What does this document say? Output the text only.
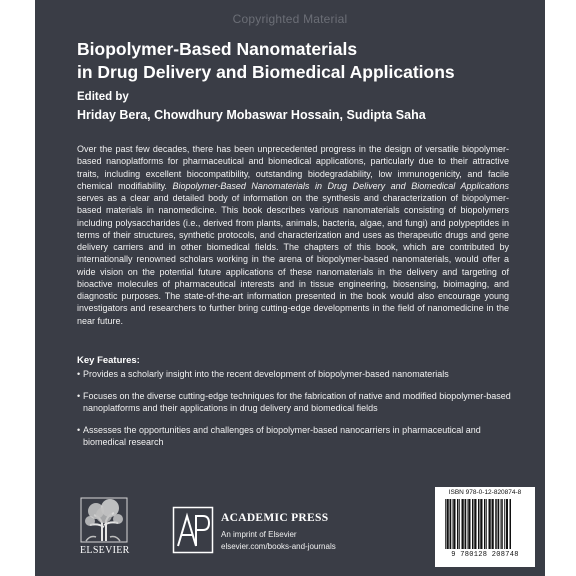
Copyrighted Material
Biopolymer-Based Nanomaterials
in Drug Delivery and Biomedical Applications
Edited by
Hriday Bera, Chowdhury Mobaswar Hossain, Sudipta Saha

Over the past few decades, there has been unprecedented progress in the design of versatile biopolymer-based nanoplatforms for pharmaceutical and biomedical applications, particularly due to their attractive traits, including excellent biocompatibility, outstanding biodegradability, low immunogenicity, and facile chemical modifiability. Biopolymer-Based Nanomaterials in Drug Delivery and Biomedical Applications serves as a clear and detailed body of information on the synthesis and characterization of biopolymer-based materials in nanomedicine. This book describes various nanomaterials consisting of biopolymers including polysaccharides (i.e., derived from plants, animals, bacteria, algae, and fungi) and polypeptides in terms of their structures, synthetic protocols, and characterization and uses as therapeutic drugs and gene delivery carriers and in other biomedical fields. The chapters of this book, which are contributed by internationally renowned scholars working in the arena of biopolymer-based nanomaterials, would offer a wide vision on the potential future applications of these nanomaterials in the delivery and targeting of bioactive molecules of pharmaceutical interests and in tissue engineering, biosensing, bioimaging, and diagnostic purposes. The state-of-the-art information presented in the book would also encourage young investigators and researchers to further bring cutting-edge developments in the field of nanomedicine in the near future.

Key Features:
• Provides a scholarly insight into the recent development of biopolymer-based nanomaterials
• Focuses on the diverse cutting-edge techniques for the fabrication of native and modified biopolymer-based nanoplatforms and their applications in drug delivery and biomedical fields
• Assesses the opportunities and challenges of biopolymer-based nanocarriers in pharmaceutical and biomedical research
ELSEVIER
ACADEMIC PRESS
An imprint of Elsevier
elsevier.com/books-and-journals
ISBN 978-0-12-820874-8
9 780128 208748
